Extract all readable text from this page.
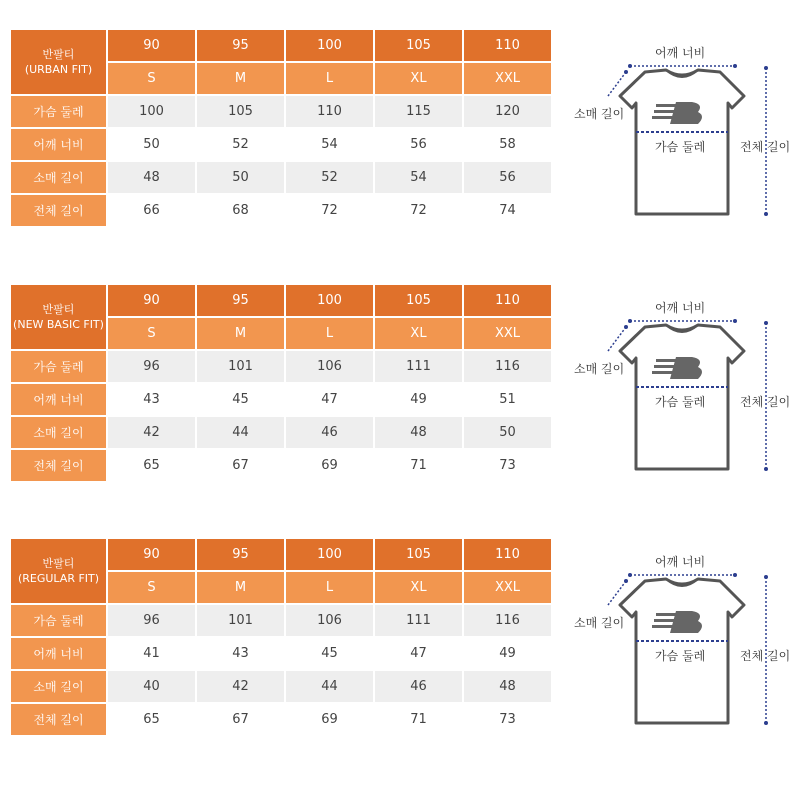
반팔티
(URBAN FIT)	90	95	100	105	110
	S	M	L	XL	XXL
가슴 둘레	100	105	110	115	120
어깨 너비	50	52	54	56	58
소매 길이	48	50	52	54	56
전체 길이	66	68	72	72	74
어깨 너비
소매 길이
가슴 둘레	전체 길이
반팔티
(NEW BASIC FIT)	90	95	100	105	110
	S	M	L	XL	XXL
가슴 둘레	96	101	106	111	116
어깨 너비	43	45	47	49	51
소매 길이	42	44	46	48	50
전체 길이	65	67	69	71	73
어깨 너비
소매 길이
가슴 둘레	전체 길이
반팔티
(REGULAR FIT)	90	95	100	105	110
	S	M	L	XL	XXL
가슴 둘레	96	101	106	111	116
어깨 너비	41	43	45	47	49
소매 길이	40	42	44	46	48
전체 길이	65	67	69	71	73
어깨 너비
소매 길이
가슴 둘레	전체 길이
